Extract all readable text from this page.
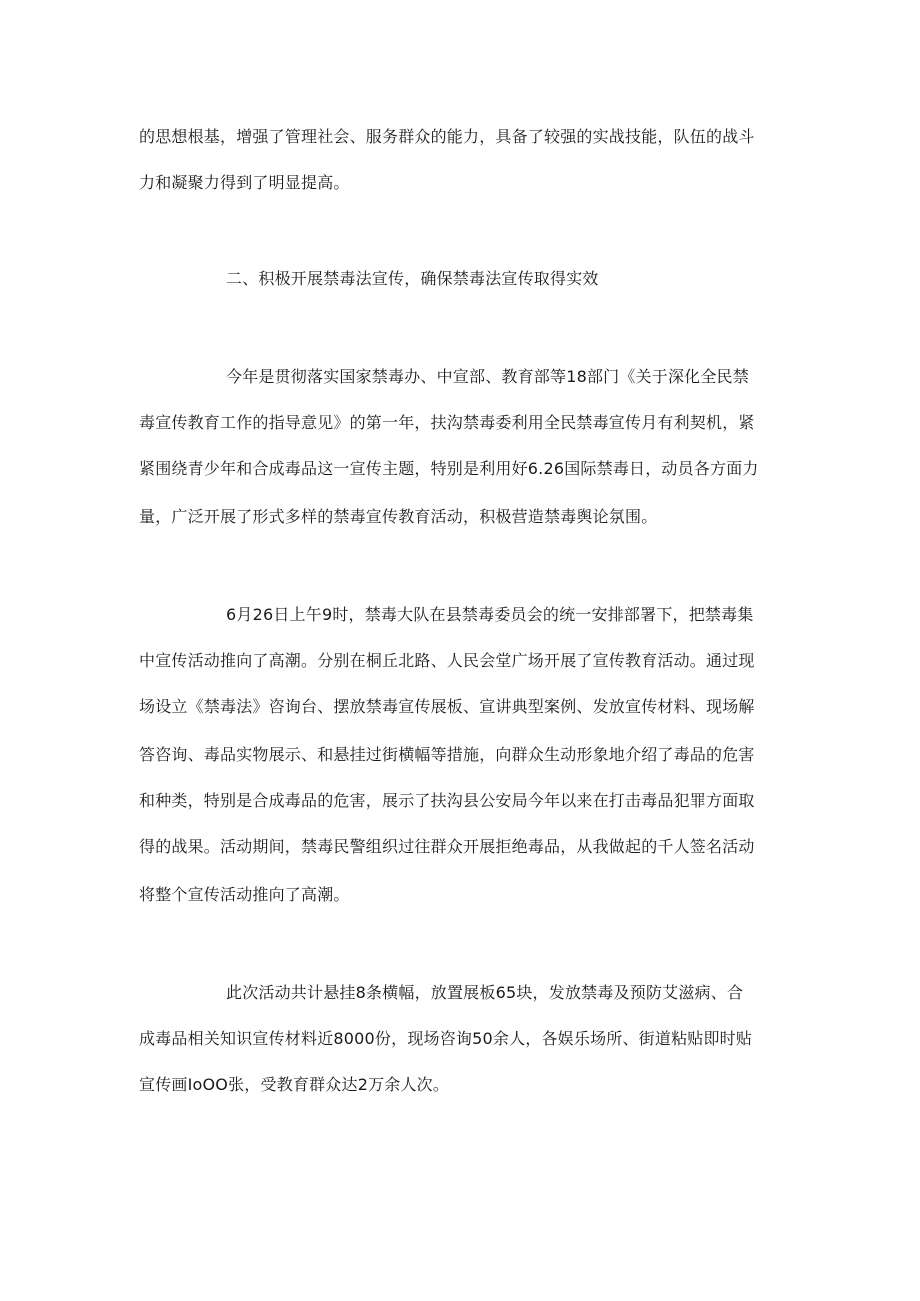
的思想根基，增强了管理社会、服务群众的能力，具备了较强的实战技能，队伍的战斗
力和凝聚力得到了明显提高。
二、积极开展禁毒法宣传，确保禁毒法宣传取得实效
今年是贯彻落实国家禁毒办、中宣部、教育部等18部门《关于深化全民禁
毒宣传教育工作的指导意见》的第一年，扶沟禁毒委利用全民禁毒宣传月有利契机，紧
紧围绕青少年和合成毒品这一宣传主题，特别是利用好6.26国际禁毒日，动员各方面力
量，广泛开展了形式多样的禁毒宣传教育活动，积极营造禁毒舆论氛围。
6月26日上午9时，禁毒大队在县禁毒委员会的统一安排部署下，把禁毒集
中宣传活动推向了高潮。分别在桐丘北路、人民会堂广场开展了宣传教育活动。通过现
场设立《禁毒法》咨询台、摆放禁毒宣传展板、宣讲典型案例、发放宣传材料、现场解
答咨询、毒品实物展示、和悬挂过街横幅等措施，向群众生动形象地介绍了毒品的危害
和种类，特别是合成毒品的危害，展示了扶沟县公安局今年以来在打击毒品犯罪方面取
得的战果。活动期间，禁毒民警组织过往群众开展拒绝毒品，从我做起的千人签名活动
将整个宣传活动推向了高潮。
此次活动共计悬挂8条横幅，放置展板65块，发放禁毒及预防艾滋病、合
成毒品相关知识宣传材料近8000份，现场咨询50余人，各娱乐场所、街道粘贴即时贴
宣传画IoOO张，受教育群众达2万余人次。
